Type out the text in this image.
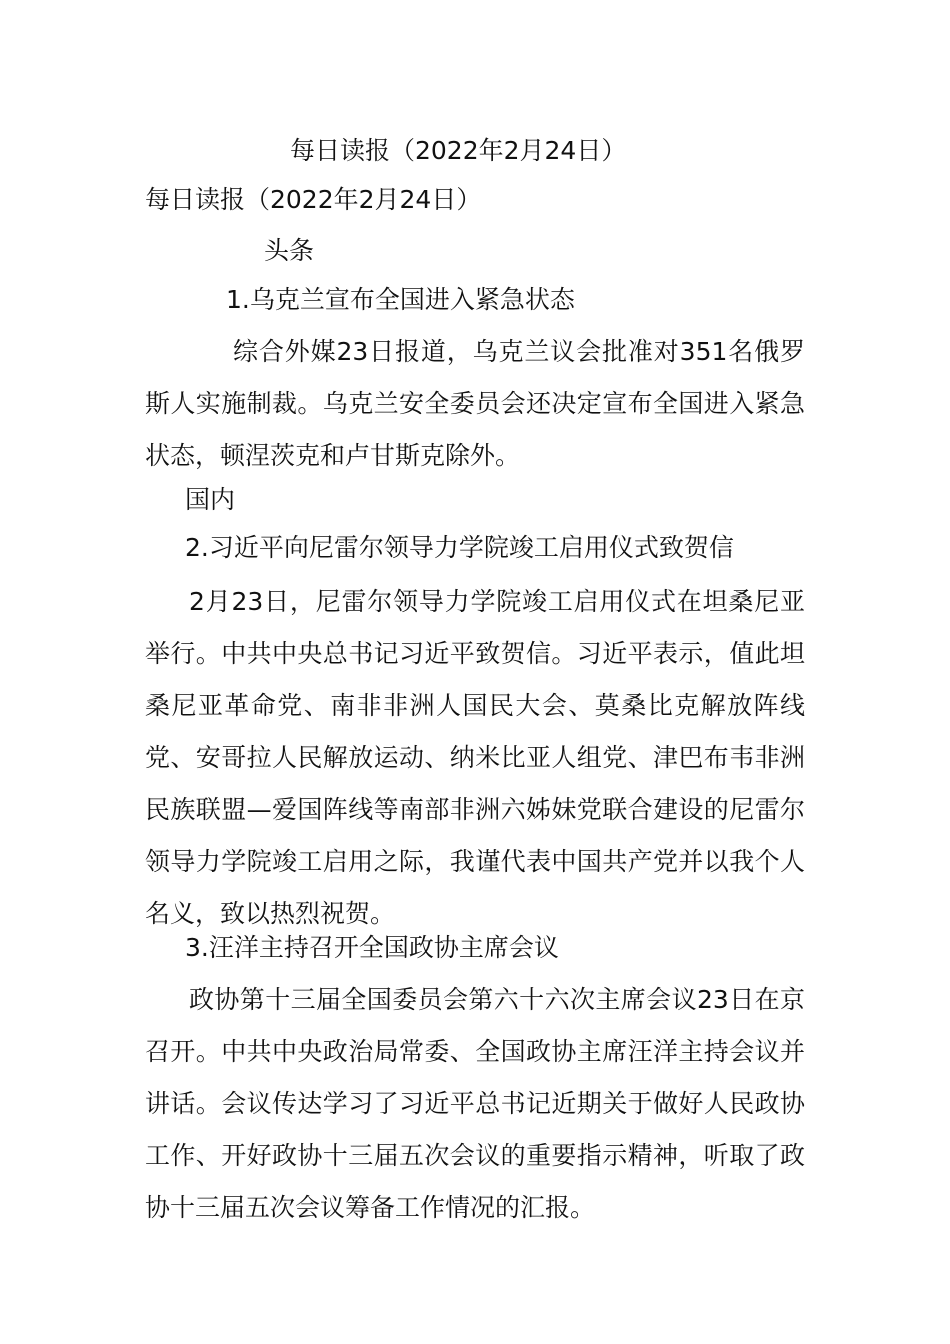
每日读报（2022年2月24日）

每日读报（2022年2月24日）

头条

1.乌克兰宣布全国进入紧急状态

综合外媒23日报道，乌克兰议会批准对351名俄罗斯人实施制裁。乌克兰安全委员会还决定宣布全国进入紧急状态，顿涅茨克和卢甘斯克除外。

国内

2.习近平向尼雷尔领导力学院竣工启用仪式致贺信

2月23日，尼雷尔领导力学院竣工启用仪式在坦桑尼亚举行。中共中央总书记习近平致贺信。习近平表示，值此坦桑尼亚革命党、南非非洲人国民大会、莫桑比克解放阵线党、安哥拉人民解放运动、纳米比亚人组党、津巴布韦非洲民族联盟—爱国阵线等南部非洲六姊妹党联合建设的尼雷尔领导力学院竣工启用之际，我谨代表中国共产党并以我个人名义，致以热烈祝贺。

3.汪洋主持召开全国政协主席会议

政协第十三届全国委员会第六十六次主席会议23日在京召开。中共中央政治局常委、全国政协主席汪洋主持会议并讲话。会议传达学习了习近平总书记近期关于做好人民政协工作、开好政协十三届五次会议的重要指示精神，听取了政协十三届五次会议筹备工作情况的汇报。
